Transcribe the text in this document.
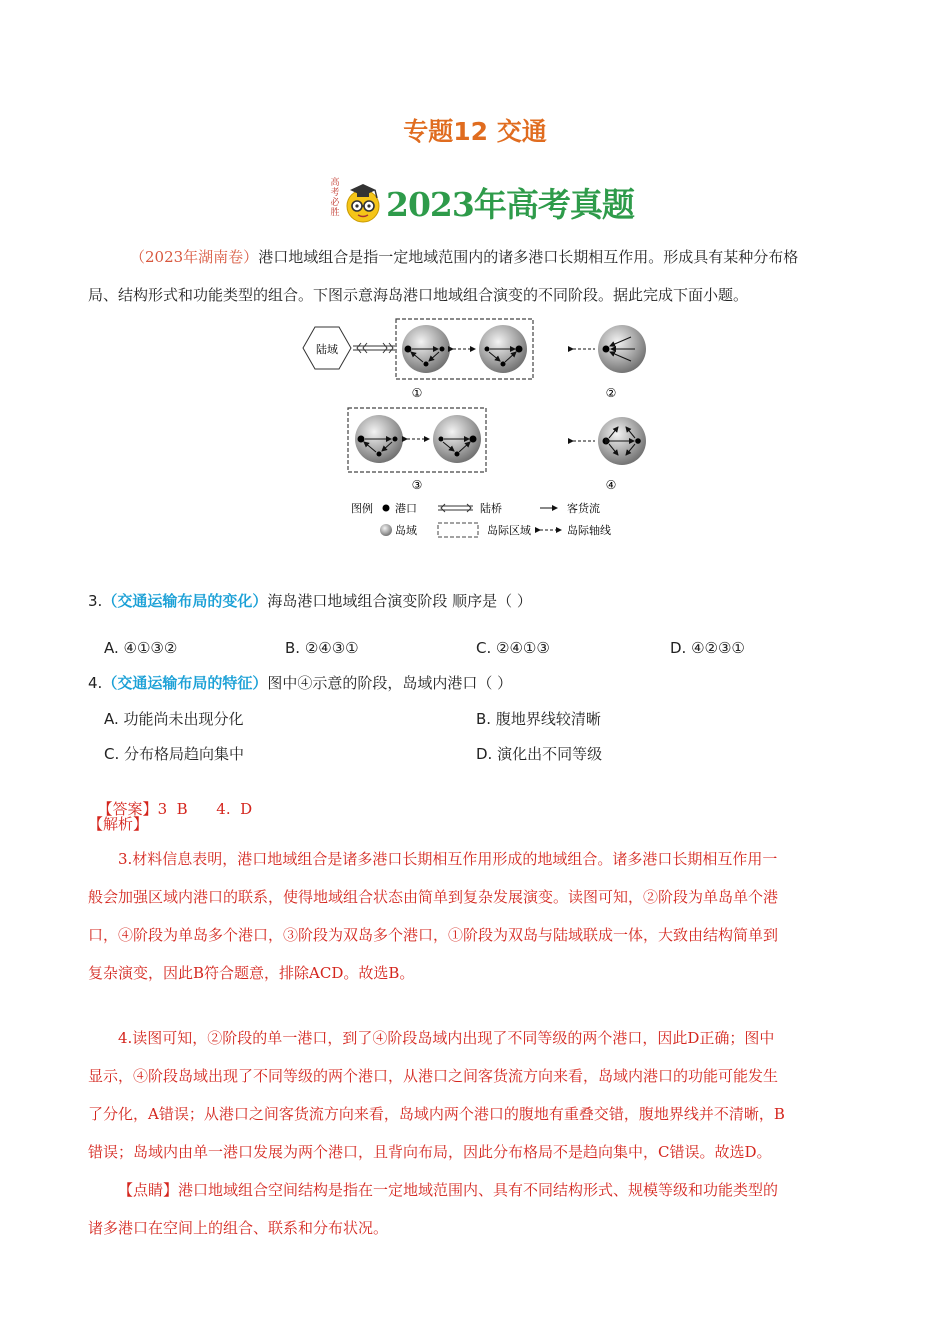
专题12 交通
高考必胜 2023年高考真题
（2023年湖南卷）港口地域组合是指一定地域范围内的诸多港口长期相互作用。形成具有某种分布格
局、结构形式和功能类型的组合。下图示意海岛港口地域组合演变的不同阶段。据此完成下面小题。
陆域
①	②
③	④
图例 港口	陆桥	客货流
岛域	岛际区域	岛际轴线
3.（交通运输布局的变化）海岛港口地域组合演变阶段 顺序是（ ）
A. ④①③②	B. ②④③①	C. ②④①③	D. ④②③①
4.（交通运输布局的特征）图中④示意的阶段，岛域内港口（ ）
A. 功能尚未出现分化	B. 腹地界线较清晰
C. 分布格局趋向集中	D. 演化出不同等级

【答案】3  B      4.  D

【解析】
3.材料信息表明，港口地域组合是诸多港口长期相互作用形成的地域组合。诸多港口长期相互作用一
般会加强区域内港口的联系，使得地域组合状态由简单到复杂发展演变。读图可知，②阶段为单岛单个港
口，④阶段为单岛多个港口，③阶段为双岛多个港口，①阶段为双岛与陆域联成一体，大致由结构简单到
复杂演变，因此B符合题意，排除ACD。故选B。
4.读图可知，②阶段的单一港口，到了④阶段岛域内出现了不同等级的两个港口，因此D正确；图中
显示，④阶段岛域出现了不同等级的两个港口，从港口之间客货流方向来看，岛域内港口的功能可能发生
了分化，A错误；从港口之间客货流方向来看，岛域内两个港口的腹地有重叠交错，腹地界线并不清晰，B
错误；岛域内由单一港口发展为两个港口，且背向布局，因此分布格局不是趋向集中，C错误。故选D。
【点睛】港口地域组合空间结构是指在一定地域范围内、具有不同结构形式、规模等级和功能类型的
诸多港口在空间上的组合、联系和分布状况。
